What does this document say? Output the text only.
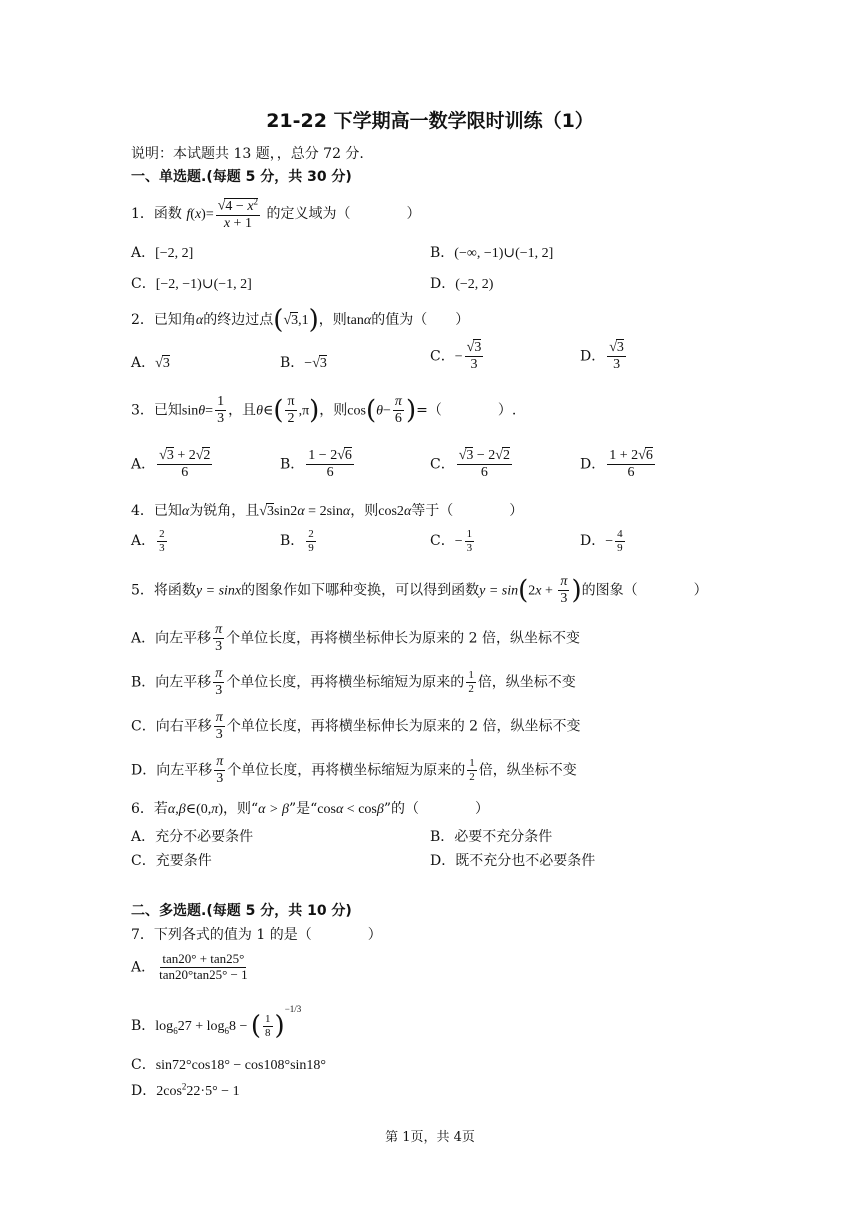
21-22 下学期高一数学限时训练（1）
说明：本试题共 13 题，，总分 72 分.
一、单选题.(每题 5 分，共 30 分)
1．函数 $f(x)= \frac{√4 - x^2}{x + 1}$ 的定义域为（　　　　）
A．[−2, 2]	B．(−∞, −1)∪(−1, 2]
C．[−2, −1)∪(−1, 2]	D．(−2, 2)
2．已知角α的终边过点(√3,1)，则tanα的值为（　　）
A．√3	B．−√3	C．− $\frac{√3}{3}$	D． $\frac{√3}{3}$
3．已知$\sin\theta= \frac{1}{3}$ ，且θ∈( $\frac{\pi}{2} ,\pi$)，则$\cos(\theta- \frac{\pi}{6}$ )=（　　　　）.
A． $\frac{√3 + 2√2}{6}$	B． $\frac{1 - 2√6}{6}$	C． $\frac{√3 - 2√2}{6}$	D． $\frac{1 + 2√6}{6}$
4．已知α为锐角，且√3sin2α = 2sinα，则cos2α等于（　　　　）
A． $\frac{2}{3}$	B． $\frac{2}{9}$	C．− $\frac{1}{3}$	D．− $\frac{4}{9}$
5．将函数y = sinx的图象作如下哪种变换，可以得到函数$y = \sin(2x + \frac{\pi}{3}$ )的图象（　　　　）
A．向左平移 $\frac{\pi}{3}$ 个单位长度，再将横坐标伸长为原来的 2 倍，纵坐标不变
B．向左平移 $\frac{\pi}{3}$ 个单位长度，再将横坐标缩短为原来的 $\frac{1}{2}$ 倍，纵坐标不变
C．向右平移 $\frac{\pi}{3}$ 个单位长度，再将横坐标伸长为原来的 2 倍，纵坐标不变
D．向左平移 $\frac{\pi}{3}$ 个单位长度，再将横坐标缩短为原来的 $\frac{1}{2}$ 倍，纵坐标不变
6．若α,β∈(0,π)，则“α > β”是“cosα < cosβ”的（　　　　）
A．充分不必要条件	B．必要不充分条件
C．充要条件	D．既不充分也不必要条件
二、多选题.(每题 5 分，共 10 分)
7．下列各式的值为 1 的是（　　　　）
A． $\frac{\tan 20^\circ + \tan 25^\circ}{\tan 20^\circ\tan 25^\circ - 1}$
B．$\log_627 + \log_68$ − ( $\frac{1}{8} )^{-1/3}$
C．sin72°cos18° − cos108°sin18°
D．$2\cos^222\cdot 5^\circ - 1$
第 1页，共 4页
